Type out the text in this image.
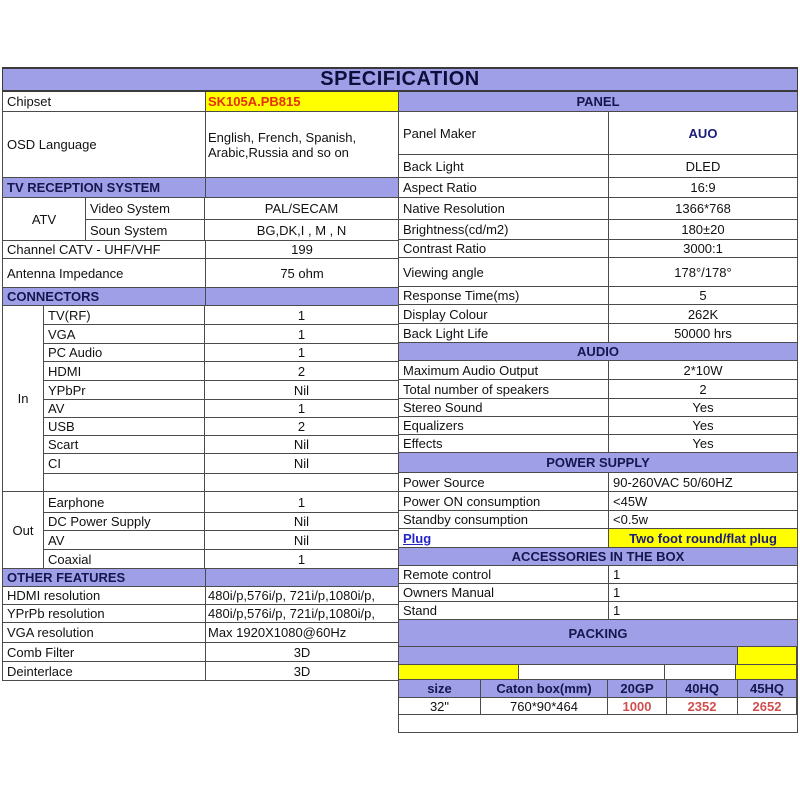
SPECIFICATION
Chipset	SK105A.PB815
OSD Language	English, French, Spanish, Arabic,Russia and so on
TV RECEPTION SYSTEM
ATV
Video System	PAL/SECAM
Soun System	BG,DK,I , M , N
Channel CATV - UHF/VHF	199
Antenna Impedance	75 ohm
CONNECTORS
In
TV(RF)	1
VGA	1
PC Audio	1
HDMI	2
YPbPr	Nil
AV	1
USB	2
Scart	Nil
CI	Nil
Out
Earphone	1
DC Power Supply	Nil
AV	Nil
Coaxial	1
OTHER FEATURES
HDMI resolution	480i/p,576i/p, 721i/p,1080i/p,
YPrPb resolution	480i/p,576i/p, 721i/p,1080i/p,
VGA resolution	Max 1920X1080@60Hz
Comb Filter	3D
Deinterlace	3D
PANEL
Panel Maker	AUO
Back Light	DLED
Aspect Ratio	16:9
Native Resolution	1366*768
Brightness(cd/m2)	180±20
Contrast Ratio	3000:1
Viewing angle	178°/178°
Response Time(ms)	5
Display Colour	262K
Back Light Life	50000 hrs
AUDIO
Maximum Audio Output	2*10W
Total number of speakers	2
Stereo Sound	Yes
Equalizers	Yes
Effects	Yes
POWER SUPPLY
Power Source	90-260VAC 50/60HZ
Power ON consumption	<45W
Standby consumption	<0.5w
Plug	Two foot round/flat plug
ACCESSORIES IN THE BOX
Remote control	1
Owners Manual	1
Stand	1
PACKING
size	Caton box(mm)	20GP	40HQ	45HQ
32"	760*90*464	1000	2352	2652
